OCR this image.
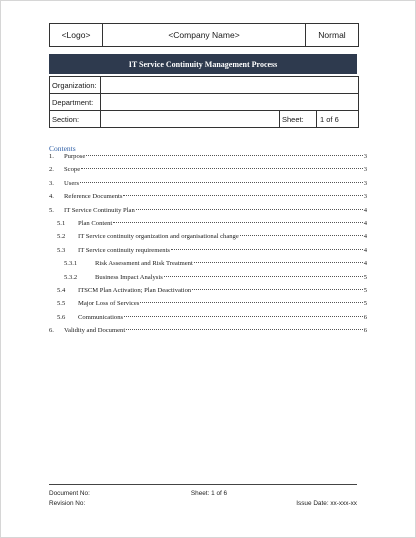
<Logo>	<Company Name>	Normal
IT Service Continuity Management Process
Organization:
Department:
Section:	Sheet:	1 of 6
Contents
1.	Purpose	3
2.	Scope	3
3.	Users	3
4.	Reference Documents	3
5.	IT Service Continuity Plan	4
5.1	Plan Content	4
5.2	IT Service continuity organization and organisational change	4
5.3	IT Service continuity requirements	4
5.3.1	Risk Assessment and Risk Treatment	4
5.3.2	Business Impact Analysis	5
5.4	ITSCM Plan Activation; Plan Deactivation	5
5.5	Major Loss of Services	5
5.6	Communications	6
6.	Validity and Document	6
Document No:	Sheet: 1 of 6
Revision No:	Issue Date: xx-xxx-xx
